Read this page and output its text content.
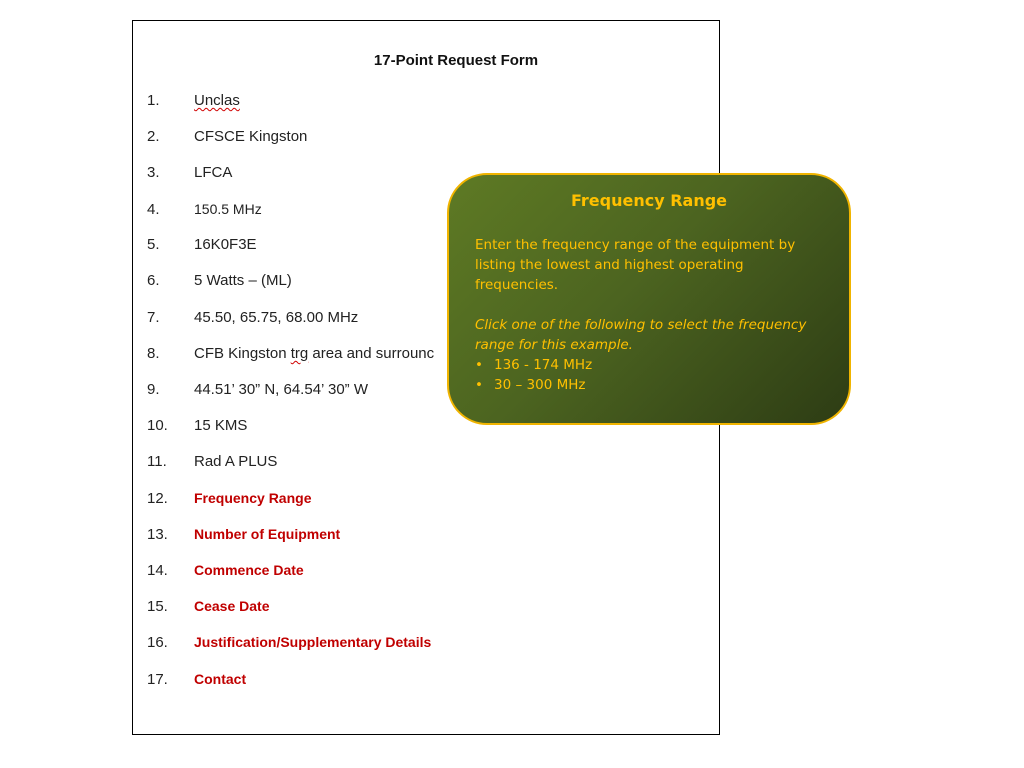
17-Point Request Form
1.	Unclas
2.	CFSCE Kingston
3.	LFCA
4.	150.5 MHz
5.	16K0F3E
6.	5 Watts – (ML)
7.	45.50, 65.75, 68.00 MHz
8.	CFB Kingston trg area and surrounc
9.	44.51’ 30” N, 64.54’ 30” W
10.	15 KMS
11.	Rad A PLUS
12.	Frequency Range
13.	Number of Equipment
14.	Commence Date
15.	Cease Date
16.	Justification/Supplementary Details
17.	Contact
Frequency Range

Enter the frequency range of the equipment by listing the lowest and highest operating frequencies.

Click one of the following to select the frequency range for this example.

• 136 - 174 MHz
• 30 – 300 MHz
